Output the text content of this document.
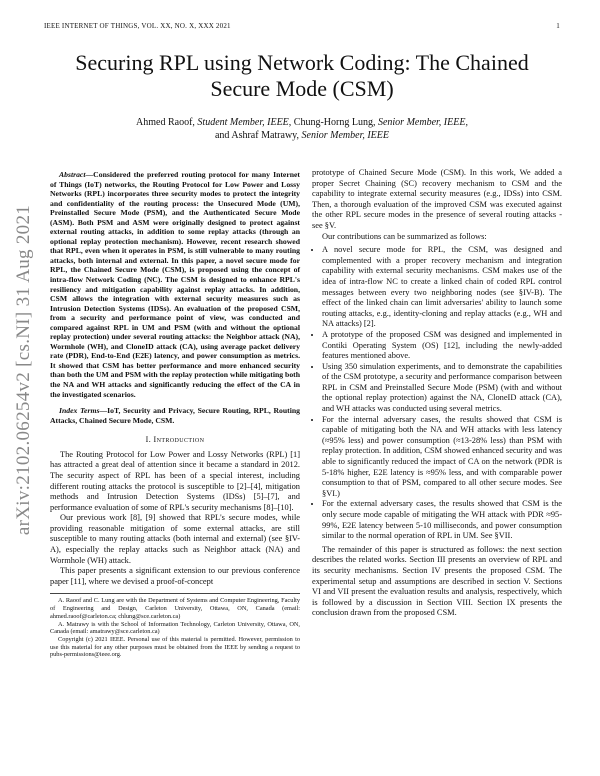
IEEE INTERNET OF THINGS, VOL. XX, NO. X, XXX 2021	1
arXiv:2102.06254v2 [cs.NI] 31 Aug 2021
Securing RPL using Network Coding: The Chained Secure Mode (CSM)
Ahmed Raoof, Student Member, IEEE, Chung-Horng Lung, Senior Member, IEEE,
and Ashraf Matrawy, Senior Member, IEEE

Abstract—Considered the preferred routing protocol for many Internet of Things (IoT) networks, the Routing Protocol for Low Power and Lossy Networks (RPL) incorporates three security modes to protect the integrity and confidentiality of the routing process: the Unsecured Mode (UM), Preinstalled Secure Mode (PSM), and the Authenticated Secure Mode (ASM). Both PSM and ASM were originally designed to protect against external routing attacks, in addition to some replay attacks (through an optional replay protection mechanism). However, recent research showed that RPL, even when it operates in PSM, is still vulnerable to many routing attacks, both internal and external. In this paper, a novel secure mode for RPL, the Chained Secure Mode (CSM), is proposed using the concept of intra-flow Network Coding (NC). The CSM is designed to enhance RPL's resiliency and mitigation capability against replay attacks. In addition, CSM allows the integration with external security measures such as Intrusion Detection Systems (IDSs). An evaluation of the proposed CSM, from a security and performance point of view, was conducted and compared against RPL in UM and PSM (with and without the optional replay protection) under several routing attacks: the Neighbor attack (NA), Wormhole (WH), and CloneID attack (CA), using average packet delivery rate (PDR), End-to-End (E2E) latency, and power consumption as metrics. It showed that CSM has better performance and more enhanced security than both the UM and PSM with the replay protection while mitigating both the NA and WH attacks and significantly reducing the effect of the CA in the investigated scenarios.

Index Terms—IoT, Security and Privacy, Secure Routing, RPL, Routing Attacks, Chained Secure Mode, CSM.

I. Introduction

The Routing Protocol for Low Power and Lossy Networks (RPL) [1] has attracted a great deal of attention since it became a standard in 2012. The security aspect of RPL has been of a special interest, including different routing attacks the protocol is susceptible to [2]–[4], mitigation methods and Intrusion Detection Systems (IDSs) [5]–[7], and performance evaluation of some of RPL's security mechanisms [8]–[10].

Our previous work [8], [9] showed that RPL's secure modes, while providing reasonable mitigation of some external attacks, are still susceptible to many routing attacks (both internal and external) (see §IV-A), especially the replay attacks such as Neighbor attack (NA) and Wormhole (WH) attack.

This paper presents a significant extension to our previous conference paper [11], where we devised a proof-of-concept

A. Raoof and C. Lung are with the Department of Systems and Computer Engineering, Faculty of Engineering and Design, Carleton University, Ottawa, ON, Canada (email: ahmed.raoof@carleton.ca; chlung@sce.carleton.ca)

A. Matrawy is with the School of Information Technology, Carleton University, Ottawa, ON, Canada (email: amatrawy@sce.carleton.ca)

Copyright (c) 2021 IEEE. Personal use of this material is permitted. However, permission to use this material for any other purposes must be obtained from the IEEE by sending a request to pubs-permissions@ieee.org.

prototype of Chained Secure Mode (CSM). In this work, We added a proper Secret Chaining (SC) recovery mechanism to CSM and the capability to integrate external security measures (e.g., IDSs) into CSM. Then, a thorough evaluation of the improved CSM was executed against the other RPL secure modes in the presence of several routing attacks - see §V.

Our contributions can be summarized as follows:

• A novel secure mode for RPL, the CSM, was designed and complemented with a proper recovery mechanism and integration capability with external security mechanisms. CSM makes use of the idea of intra-flow NC to create a linked chain of coded RPL control messages between every two neighboring nodes (see §IV-B). The effect of the linked chain can limit adversaries' ability to launch some routing attacks, e.g., identity-cloning and replay attacks (e.g., WH and NA attacks) [2].
• A prototype of the proposed CSM was designed and implemented in Contiki Operating System (OS) [12], including the newly-added features mentioned above.
• Using 350 simulation experiments, and to demonstrate the capabilities of the CSM prototype, a security and performance comparison between RPL in CSM and Preinstalled Secure Mode (PSM) (with and without the optional replay protection) against the NA, CloneID attack (CA), and WH attacks was conducted using several metrics.
• For the internal adversary cases, the results showed that CSM is capable of mitigating both the NA and WH attacks with less latency (≈95% less) and power consumption (≈13-28% less) than PSM with replay protection. In addition, CSM showed enhanced security and was able to significantly reduced the impact of CA on the network (PDR is 5-18% higher, E2E latency is ≈95% less, and with comparable power consumption to that of PSM, compared to all other secure modes. See §VI.)
• For the external adversary cases, the results showed that CSM is the only secure mode capable of mitigating the WH attack with PDR ≈95-99%, E2E latency between 5-10 milliseconds, and power consumption similar to the normal operation of RPL in UM. See §VII.

The remainder of this paper is structured as follows: the next section describes the related works. Section III presents an overview of RPL and its security mechanisms. Section IV presents the proposed CSM. The experimental setup and assumptions are described in section V. Sections VI and VII present the evaluation results and analysis, respectively, which is followed by a discussion in Section VIII. Section IX presents the conclusion drawn from the proposed CSM.
